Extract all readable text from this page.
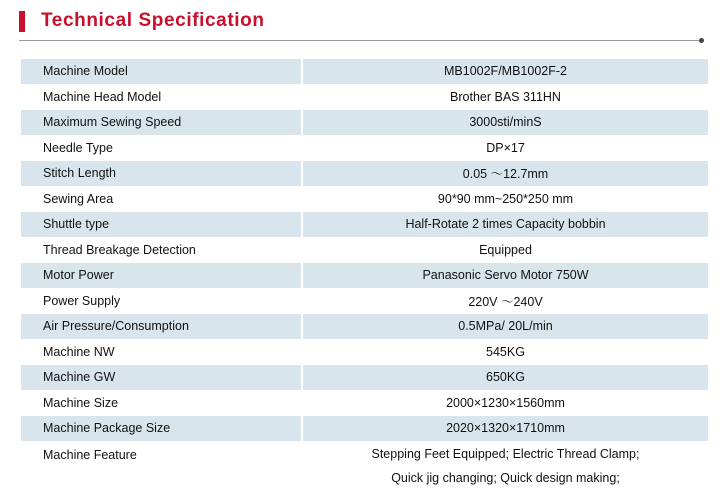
Technical Specification
Machine Model	MB1002F/MB1002F-2
Machine Head Model	Brother BAS 311HN
Maximum Sewing Speed	3000sti/minS
Needle Type	DP×17
Stitch Length	0.05 ～12.7mm
Sewing Area	90*90 mm~250*250 mm
Shuttle type	Half-Rotate 2 times Capacity bobbin
Thread Breakage Detection	Equipped
Motor Power	Panasonic Servo Motor 750W
Power Supply	220V ～240V
Air Pressure/Consumption	0.5MPa/ 20L/min
Machine NW	545KG
Machine GW	650KG
Machine Size	2000×1230×1560mm
Machine Package Size	2020×1320×1710mm
Machine Feature	Stepping Feet Equipped; Electric Thread Clamp;
Quick jig changing; Quick design making;
